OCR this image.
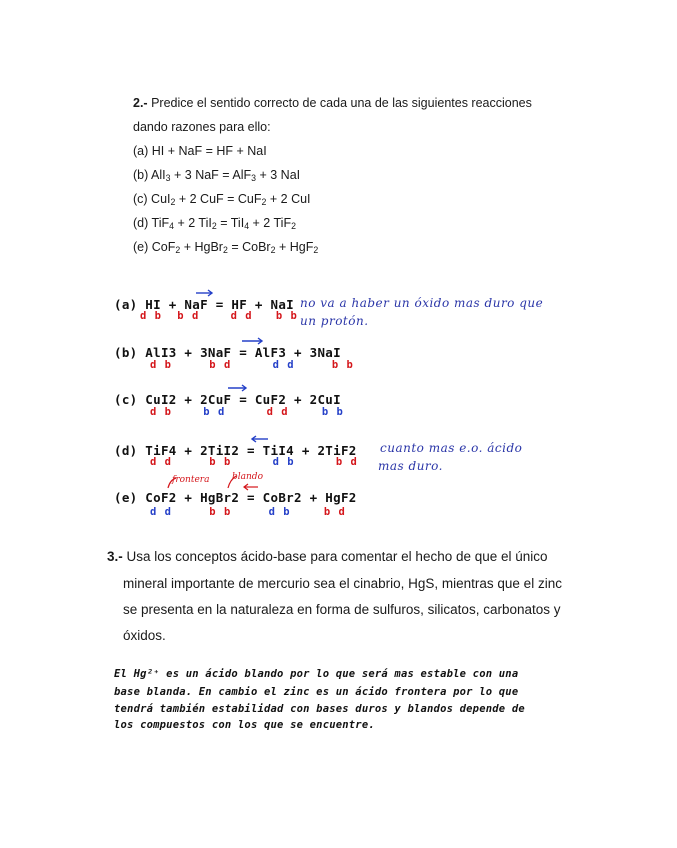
2.- Predice el sentido correcto de cada una de las siguientes reacciones
dando razones para ello:
(a) HI + NaF = HF + NaI
(b) AlI$_3$ + 3 NaF = AlF$_3$ + 3 NaI
(c) CuI$_2$ + 2 CuF = CuF$_2$ + 2 CuI
(d) TiF$_4$ + 2 TiI$_2$ = TiI$_4$ + 2 TiF$_2$
(e) CoF$_2$ + HgBr$_2$ = CoBr$_2$ + HgF$_2$
(a) HI + NaF = HF + NaI
d b b d	d d b b
no va a haber un óxido mas duro que
un protón.
(b) AlI3 + 3NaF = AlF3 + 3NaI
d b	b d	d d	b b
(c) CuI2 + 2CuF = CuF2 + 2CuI
d b	b d	d d	b b
(d) TiF4 + 2TiI2 = TiI4 + 2TiF2
d d	b b	d b	b d
cuanto mas e.o. ácido
mas duro.
frontera	blando
(e) CoF2 + HgBr2 = CoBr2 + HgF2
d d	b b	d b	b d
3.- Usa los conceptos ácido-base para comentar el hecho de que el único
mineral importante de mercurio sea el cinabrio, HgS, mientras que el zinc
se presenta en la naturaleza en forma de sulfuros, silicatos, carbonatos y
óxidos.
El Hg²⁺ es un ácido blando por lo que será mas estable con una
base blanda. En cambio el zinc es un ácido frontera por lo que
tendrá también estabilidad con bases duros y blandos depende de
los compuestos con los que se encuentre.
